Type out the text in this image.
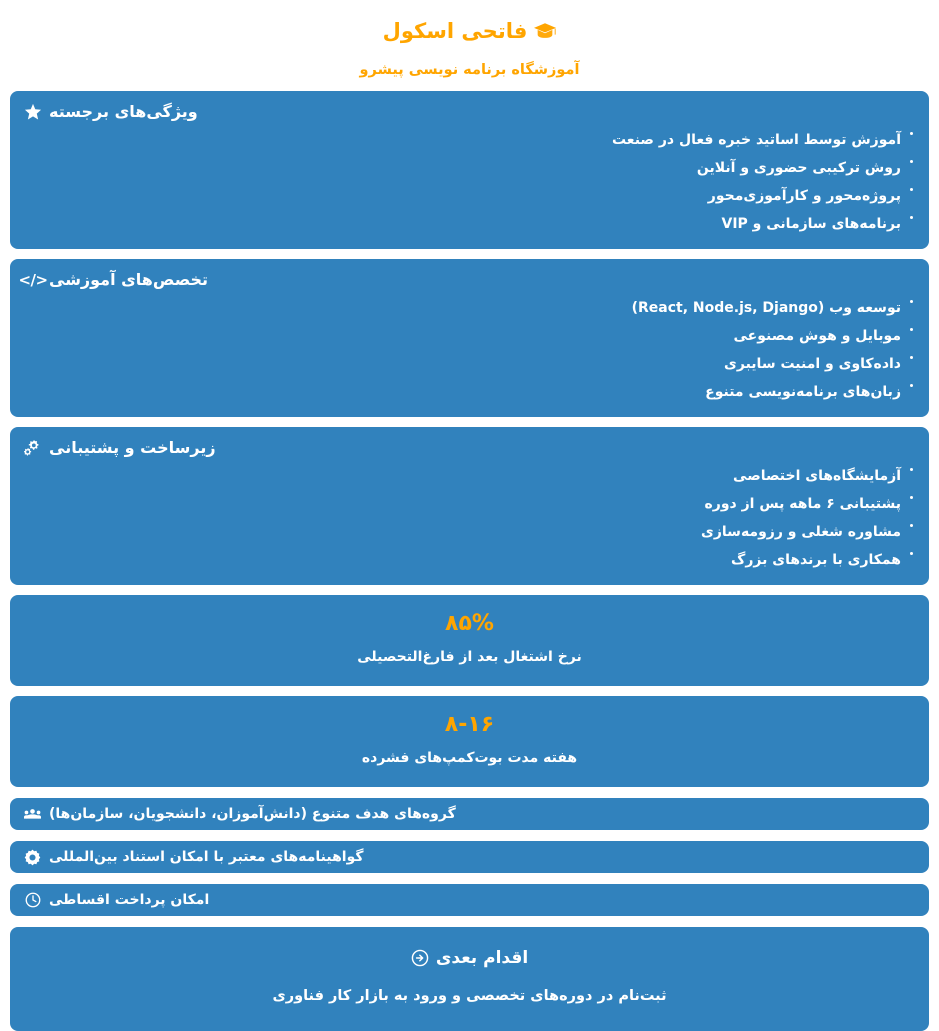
فاتحی اسکول
آموزشگاه برنامه نویسی پیشرو
ویژگی‌های برجسته
آموزش توسط اساتید خبره فعال در صنعت
روش ترکیبی حضوری و آنلاین
پروژه‌محور و کارآموزی‌محور
برنامه‌های سازمانی و VIP
</> تخصص‌های آموزشی
توسعه وب (React, Node.js, Django)
موبایل و هوش مصنوعی
داده‌کاوی و امنیت سایبری
زبان‌های برنامه‌نویسی متنوع
زیرساخت و پشتیبانی
آزمایشگاه‌های اختصاصی
پشتیبانی ۶ ماهه پس از دوره
مشاوره شغلی و رزومه‌سازی
همکاری با برندهای بزرگ
۸۵%
نرخ اشتغال بعد از فارغ‌التحصیلی
۸-۱۶
هفته مدت بوت‌کمپ‌های فشرده
گروه‌های هدف متنوع (دانش‌آموزان، دانشجویان، سازمان‌ها)
گواهینامه‌های معتبر با امکان استناد بین‌المللی
امکان پرداخت اقساطی
اقدام بعدی
ثبت‌نام در دوره‌های تخصصی و ورود به بازار کار فناوری
